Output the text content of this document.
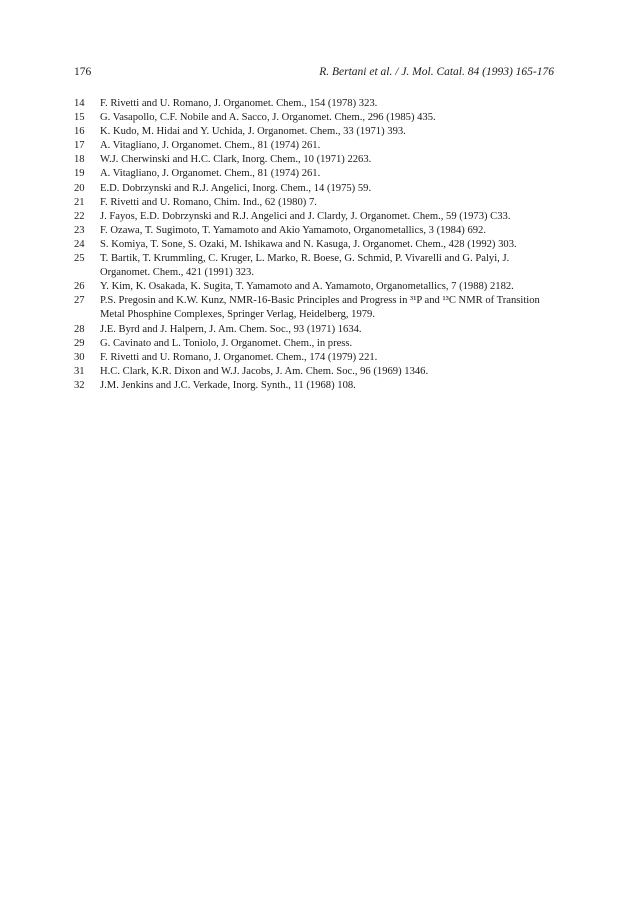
176	R. Bertani et al. / J. Mol. Catal. 84 (1993) 165-176
14	F. Rivetti and U. Romano, J. Organomet. Chem., 154 (1978) 323.
15	G. Vasapollo, C.F. Nobile and A. Sacco, J. Organomet. Chem., 296 (1985) 435.
16	K. Kudo, M. Hidai and Y. Uchida, J. Organomet. Chem., 33 (1971) 393.
17	A. Vitagliano, J. Organomet. Chem., 81 (1974) 261.
18	W.J. Cherwinski and H.C. Clark, Inorg. Chem., 10 (1971) 2263.
19	A. Vitagliano, J. Organomet. Chem., 81 (1974) 261.
20	E.D. Dobrzynski and R.J. Angelici, Inorg. Chem., 14 (1975) 59.
21	F. Rivetti and U. Romano, Chim. Ind., 62 (1980) 7.
22	J. Fayos, E.D. Dobrzynski and R.J. Angelici and J. Clardy, J. Organomet. Chem., 59 (1973) C33.
23	F. Ozawa, T. Sugimoto, T. Yamamoto and Akio Yamamoto, Organometallics, 3 (1984) 692.
24	S. Komiya, T. Sone, S. Ozaki, M. Ishikawa and N. Kasuga, J. Organomet. Chem., 428 (1992) 303.
25	T. Bartik, T. Krummling, C. Kruger, L. Marko, R. Boese, G. Schmid, P. Vivarelli and G. Palyi, J. Organomet. Chem., 421 (1991) 323.
26	Y. Kim, K. Osakada, K. Sugita, T. Yamamoto and A. Yamamoto, Organometallics, 7 (1988) 2182.
27	P.S. Pregosin and K.W. Kunz, NMR-16-Basic Principles and Progress in ³¹P and ¹³C NMR of Transition Metal Phosphine Complexes, Springer Verlag, Heidelberg, 1979.
28	J.E. Byrd and J. Halpern, J. Am. Chem. Soc., 93 (1971) 1634.
29	G. Cavinato and L. Toniolo, J. Organomet. Chem., in press.
30	F. Rivetti and U. Romano, J. Organomet. Chem., 174 (1979) 221.
31	H.C. Clark, K.R. Dixon and W.J. Jacobs, J. Am. Chem. Soc., 96 (1969) 1346.
32	J.M. Jenkins and J.C. Verkade, Inorg. Synth., 11 (1968) 108.
